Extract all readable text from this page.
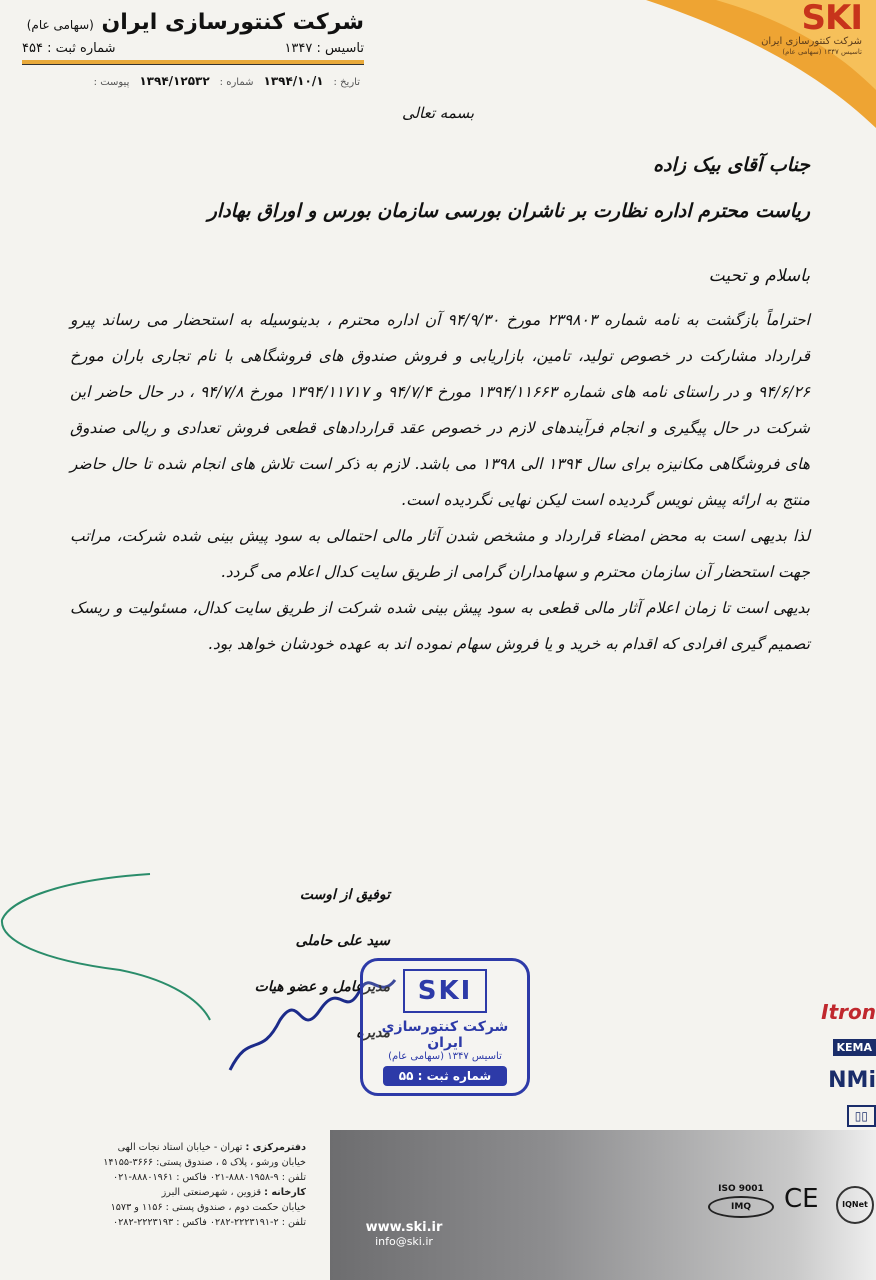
SKI
شرکت کنتورسازی ایران
تاسیس ۱۳۴۷ (سهامی عام)
شرکت کنتورسازی ایران (سهامی عام)
تاسیس : ۱۳۴۷
شماره ثبت : ۴۵۴
تاریخ :
۱۳۹۴/۱۰/۱
شماره :
۱۳۹۴/۱۲۵۳۲
پیوست :
بسمه تعالی
جناب آقای بیک زاده
ریاست محترم اداره نظارت بر ناشران بورسی سازمان بورس و اوراق بهادار
باسلام و تحیت

احتراماً بازگشت به نامه شماره ۲۳۹۸۰۳ مورخ ۹۴/۹/۳۰ آن اداره محترم ، بدینوسیله به استحضار می رساند پیرو قرارداد مشارکت در خصوص تولید، تامین، بازاریابی و فروش صندوق های فروشگاهی با نام تجاری باران مورخ ۹۴/۶/۲۶ و در راستای نامه های شماره ۱۳۹۴/۱۱۶۶۳ مورخ ۹۴/۷/۴ و ۱۳۹۴/۱۱۷۱۷ مورخ ۹۴/۷/۸ ، در حال حاضر این شرکت در حال پیگیری و انجام فرآیندهای لازم در خصوص عقد قراردادهای قطعی فروش تعدادی و ریالی صندوق های فروشگاهی مکانیزه برای سال ۱۳۹۴ الی ۱۳۹۸ می باشد. لازم به ذکر است تلاش های انجام شده تا حال حاضر منتج به ارائه پیش نویس گردیده است لیکن نهایی نگردیده است.

لذا بدیهی است به محض امضاء قرارداد و مشخص شدن آثار مالی احتمالی به سود پیش بینی شده شرکت، مراتب جهت استحضار آن سازمان محترم و سهامداران گرامی از طریق سایت کدال اعلام می گردد.

بدیهی است تا زمان اعلام آثار مالی قطعی به سود پیش بینی شده شرکت از طریق سایت کدال، مسئولیت و ریسک تصمیم گیری افرادی که اقدام به خرید و یا فروش سهام نموده اند به عهده خودشان خواهد بود.

توفیق از اوست
سید علی حاملی
مدیرعامل و عضو هیات مدیره
SKI
شرکت کنتورسازی ایران
تاسیس ۱۳۴۷ (سهامی عام)
شماره ثبت : ۵۵
www.ski.ir
info@ski.ir
دفترمرکزی : تهران - خیابان استاد نجات الهی
خیابان ورشو ، پلاک ۵ ، صندوق پستی: ۳۶۶۶-۱۴۱۵۵
تلفن : ۹-۸۸۸۰۱۹۵۸-۰۲۱ فاکس : ۸۸۸۰۱۹۶۱-۰۲۱
کارخانه : قزوین ، شهرصنعتی البرز
خیابان حکمت دوم ، صندوق پستی : ۱۱۵۶ و ۱۵۷۳
تلفن : ۲-۲۲۲۳۱۹۱-۰۲۸۲ فاکس : ۲۲۲۳۱۹۳-۰۲۸۲
Itron
KEMA
NMi
▯▯
ISO 9001
IMQ	CE	IQNet
